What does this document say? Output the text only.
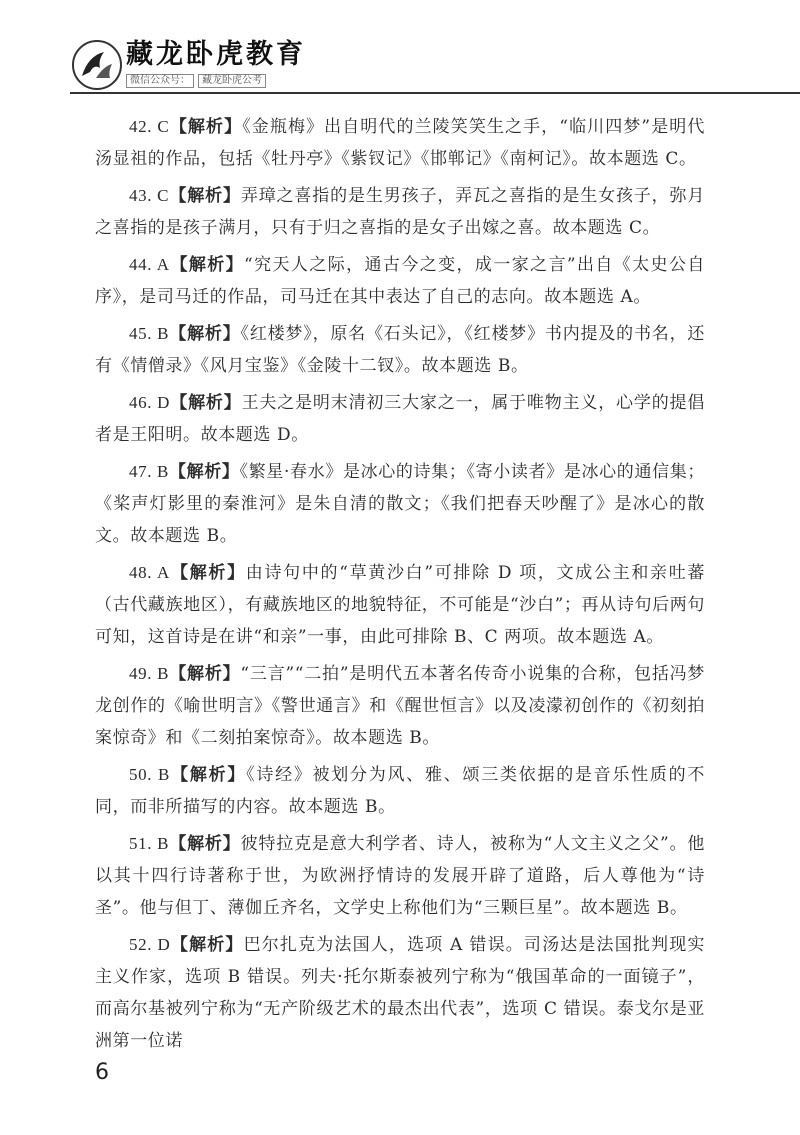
藏龙卧虎教育
微信公众号： 藏龙卧虎公考

42. C【解析】《金瓶梅》出自明代的兰陵笑笑生之手，“临川四梦”是明代汤显祖的作品，包括《牡丹亭》《紫钗记》《邯郸记》《南柯记》。故本题选 C。

43. C【解析】弄璋之喜指的是生男孩子，弄瓦之喜指的是生女孩子，弥月之喜指的是孩子满月，只有于归之喜指的是女子出嫁之喜。故本题选 C。

44. A【解析】“究天人之际，通古今之变，成一家之言”出自《太史公自序》，是司马迁的作品，司马迁在其中表达了自己的志向。故本题选 A。

45. B【解析】《红楼梦》，原名《石头记》，《红楼梦》书内提及的书名，还有《情僧录》《风月宝鉴》《金陵十二钗》。故本题选 B。

46. D【解析】王夫之是明末清初三大家之一，属于唯物主义，心学的提倡者是王阳明。故本题选 D。

47. B【解析】《繁星·春水》是冰心的诗集；《寄小读者》是冰心的通信集；《桨声灯影里的秦淮河》是朱自清的散文；《我们把春天吵醒了》是冰心的散文。故本题选 B。

48. A【解析】由诗句中的“草黄沙白”可排除 D 项，文成公主和亲吐蕃（古代藏族地区），有藏族地区的地貌特征，不可能是“沙白”；再从诗句后两句可知，这首诗是在讲“和亲”一事，由此可排除 B、C 两项。故本题选 A。

49. B【解析】“三言”“二拍”是明代五本著名传奇小说集的合称，包括冯梦龙创作的《喻世明言》《警世通言》和《醒世恒言》以及凌濛初创作的《初刻拍案惊奇》和《二刻拍案惊奇》。故本题选 B。

50. B【解析】《诗经》被划分为风、雅、颂三类依据的是音乐性质的不同，而非所描写的内容。故本题选 B。

51. B【解析】彼特拉克是意大利学者、诗人，被称为“人文主义之父”。他以其十四行诗著称于世，为欧洲抒情诗的发展开辟了道路，后人尊他为“诗圣”。他与但丁、薄伽丘齐名，文学史上称他们为“三颗巨星”。故本题选 B。

52. D【解析】巴尔扎克为法国人，选项 A 错误。司汤达是法国批判现实主义作家，选项 B 错误。列夫·托尔斯泰被列宁称为“俄国革命的一面镜子”，而高尔基被列宁称为“无产阶级艺术的最杰出代表”，选项 C 错误。泰戈尔是亚洲第一位诺

6
